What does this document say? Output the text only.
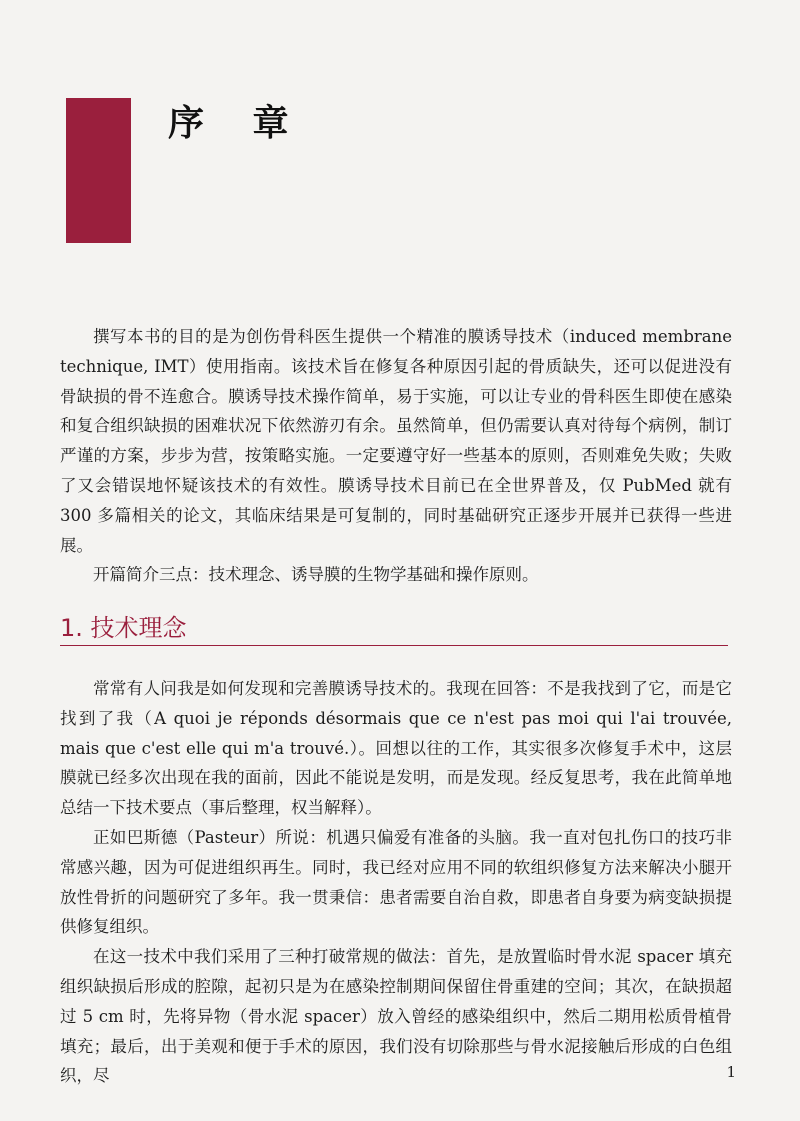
序 章

撰写本书的目的是为创伤骨科医生提供一个精准的膜诱导技术（induced membrane technique, IMT）使用指南。该技术旨在修复各种原因引起的骨质缺失，还可以促进没有骨缺损的骨不连愈合。膜诱导技术操作简单，易于实施，可以让专业的骨科医生即使在感染和复合组织缺损的困难状况下依然游刃有余。虽然简单，但仍需要认真对待每个病例，制订严谨的方案，步步为营，按策略实施。一定要遵守好一些基本的原则，否则难免失败；失败了又会错误地怀疑该技术的有效性。膜诱导技术目前已在全世界普及，仅 PubMed 就有 300 多篇相关的论文，其临床结果是可复制的，同时基础研究正逐步开展并已获得一些进展。

开篇简介三点：技术理念、诱导膜的生物学基础和操作原则。

1. 技术理念

常常有人问我是如何发现和完善膜诱导技术的。我现在回答：不是我找到了它，而是它找到了我（A quoi je réponds désormais que ce n'est pas moi qui l'ai trouvée, mais que c'est elle qui m'a trouvé.）。回想以往的工作，其实很多次修复手术中，这层膜就已经多次出现在我的面前，因此不能说是发明，而是发现。经反复思考，我在此简单地总结一下技术要点（事后整理，权当解释）。

正如巴斯德（Pasteur）所说：机遇只偏爱有准备的头脑。我一直对包扎伤口的技巧非常感兴趣，因为可促进组织再生。同时，我已经对应用不同的软组织修复方法来解决小腿开放性骨折的问题研究了多年。我一贯秉信：患者需要自治自救，即患者自身要为病变缺损提供修复组织。

在这一技术中我们采用了三种打破常规的做法：首先，是放置临时骨水泥 spacer 填充组织缺损后形成的腔隙，起初只是为在感染控制期间保留住骨重建的空间；其次，在缺损超过 5 cm 时，先将异物（骨水泥 spacer）放入曾经的感染组织中，然后二期用松质骨植骨填充；最后，出于美观和便于手术的原因，我们没有切除那些与骨水泥接触后形成的白色组织，尽	1
